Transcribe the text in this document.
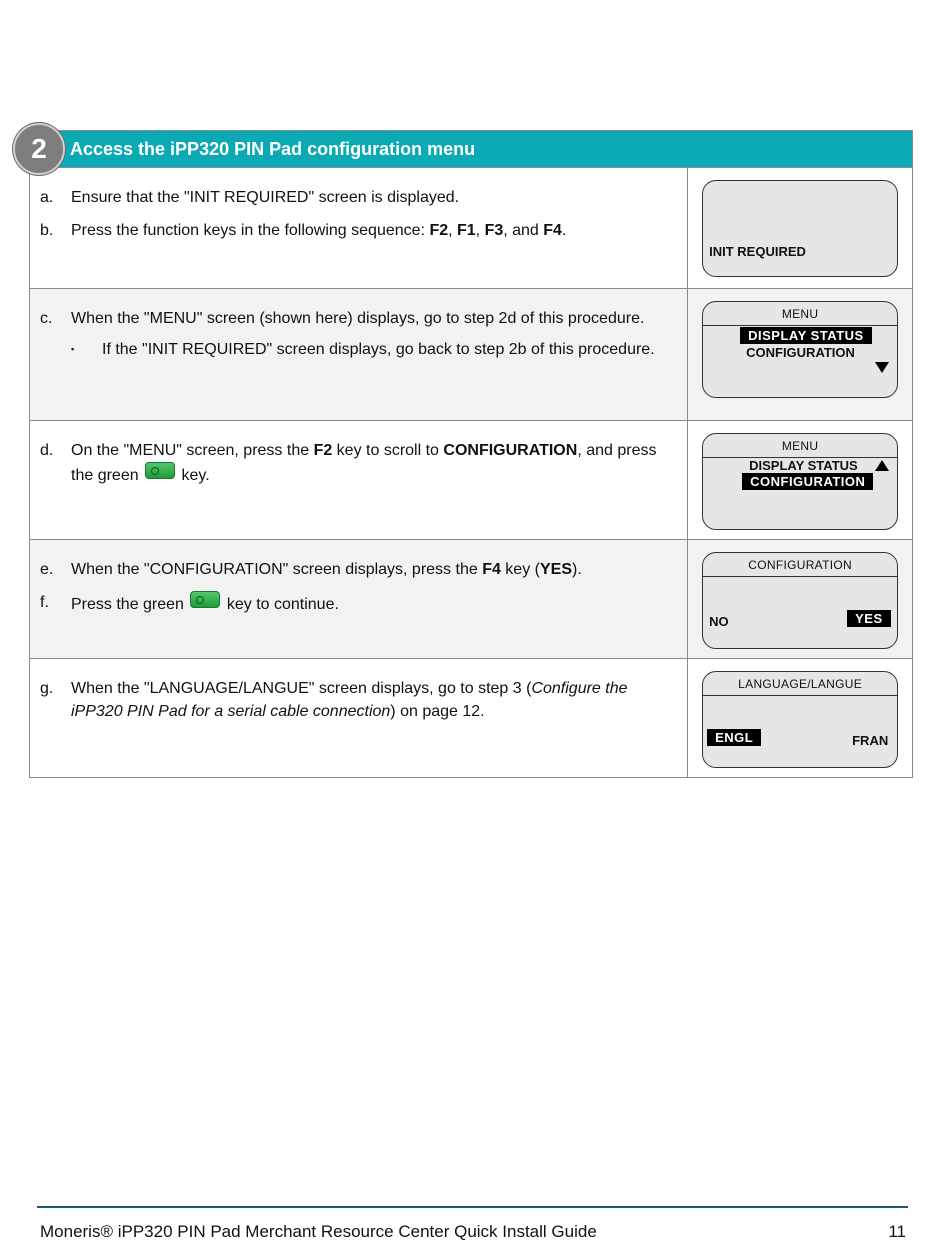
2	Access the iPP320 PIN Pad configuration menu
a.	Ensure that the "INIT REQUIRED" screen is displayed.
b.	Press the function keys in the following sequence: F2, F1, F3, and F4.
INIT REQUIRED
c.	When the "MENU" screen (shown here) displays, go to step 2d of this procedure.
▪	If the "INIT REQUIRED" screen displays, go back to step 2b of this procedure.
MENU
DISPLAY STATUS
CONFIGURATION
d.	On the "MENU" screen, press the F2 key to scroll to CONFIGURATION, and press the green  key.
MENU
DISPLAY STATUS
CONFIGURATION
e.	When the "CONFIGURATION" screen displays, press the F4 key (YES).
f.	Press the green  key to continue.
CONFIGURATION
NO	YES
g.	When the "LANGUAGE/LANGUE" screen displays, go to step 3 (Configure the iPP320 PIN Pad for a serial cable connection) on page 12.
LANGUAGE/LANGUE
ENGL	FRAN
Moneris® iPP320 PIN Pad Merchant Resource Center Quick Install Guide	11
